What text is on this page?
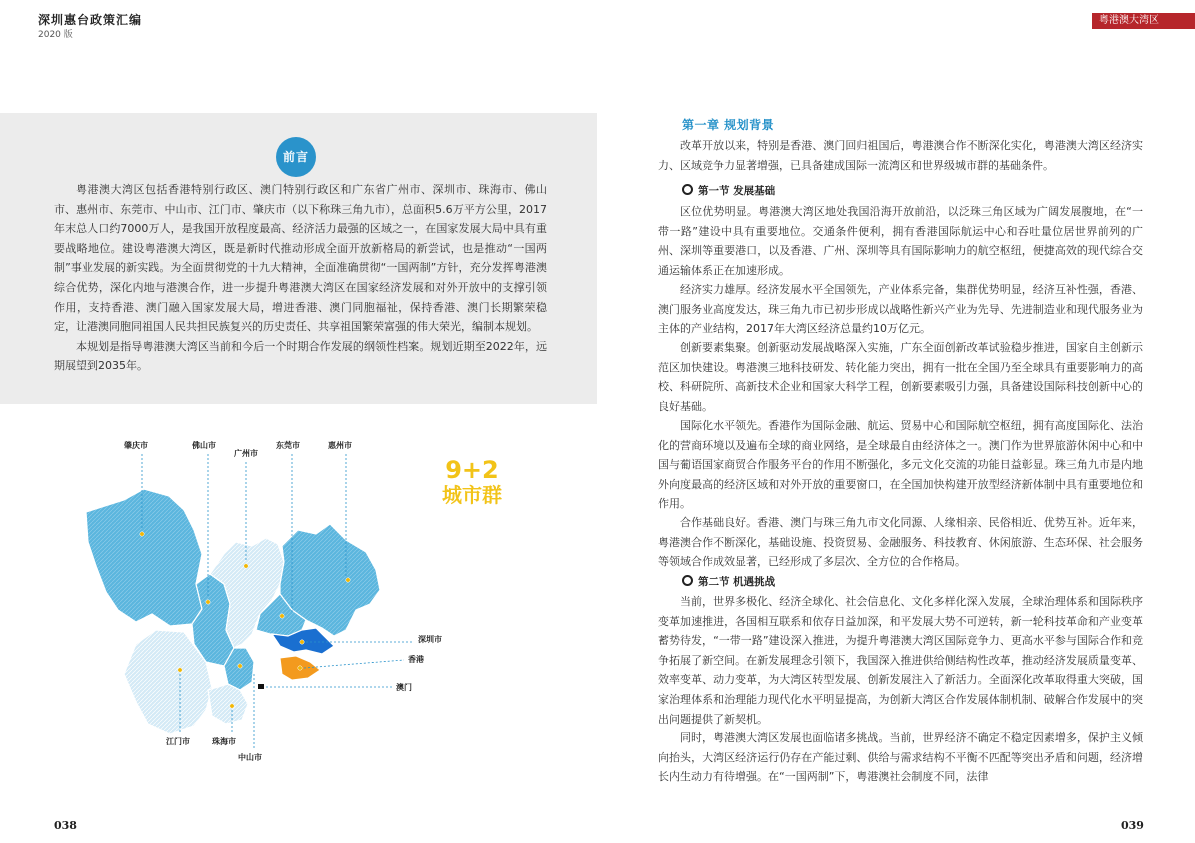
深圳惠台政策汇编
2020 版
粤港澳大湾区
前言

粤港澳大湾区包括香港特别行政区、澳门特别行政区和广东省广州市、深圳市、珠海市、佛山市、惠州市、东莞市、中山市、江门市、肇庆市（以下称珠三角九市），总面积5.6万平方公里，2017年末总人口约7000万人，是我国开放程度最高、经济活力最强的区域之一，在国家发展大局中具有重要战略地位。建设粤港澳大湾区，既是新时代推动形成全面开放新格局的新尝试，也是推动“一国两制”事业发展的新实践。为全面贯彻党的十九大精神，全面准确贯彻“一国两制”方针，充分发挥粤港澳综合优势，深化内地与港澳合作，进一步提升粤港澳大湾区在国家经济发展和对外开放中的支撑引领作用，支持香港、澳门融入国家发展大局，增进香港、澳门同胞福祉，保持香港、澳门长期繁荣稳定，让港澳同胞同祖国人民共担民族复兴的历史责任、共享祖国繁荣富强的伟大荣光，编制本规划。

本规划是指导粤港澳大湾区当前和今后一个时期合作发展的纲领性档案。规划近期至2022年，远期展望到2035年。

肇庆市	佛山市
广州市
东莞市	惠州市
深圳市
香港
澳门
江门市	珠海市
中山市
9+2
城市群
第一章 规划背景

改革开放以来，特别是香港、澳门回归祖国后，粤港澳合作不断深化实化，粤港澳大湾区经济实力、区域竞争力显著增强，已具备建成国际一流湾区和世界级城市群的基础条件。

第一节 发展基础

区位优势明显。粤港澳大湾区地处我国沿海开放前沿，以泛珠三角区域为广阔发展腹地，在“一带一路”建设中具有重要地位。交通条件便利，拥有香港国际航运中心和吞吐量位居世界前列的广州、深圳等重要港口，以及香港、广州、深圳等具有国际影响力的航空枢纽，便捷高效的现代综合交通运输体系正在加速形成。

经济实力雄厚。经济发展水平全国领先，产业体系完备，集群优势明显，经济互补性强，香港、澳门服务业高度发达，珠三角九市已初步形成以战略性新兴产业为先导、先进制造业和现代服务业为主体的产业结构，2017年大湾区经济总量约10万亿元。

创新要素集聚。创新驱动发展战略深入实施，广东全面创新改革试验稳步推进，国家自主创新示范区加快建设。粤港澳三地科技研发、转化能力突出，拥有一批在全国乃至全球具有重要影响力的高校、科研院所、高新技术企业和国家大科学工程，创新要素吸引力强，具备建设国际科技创新中心的良好基础。

国际化水平领先。香港作为国际金融、航运、贸易中心和国际航空枢纽，拥有高度国际化、法治化的营商环境以及遍布全球的商业网络，是全球最自由经济体之一。澳门作为世界旅游休闲中心和中国与葡语国家商贸合作服务平台的作用不断强化，多元文化交流的功能日益彰显。珠三角九市是内地外向度最高的经济区域和对外开放的重要窗口，在全国加快构建开放型经济新体制中具有重要地位和作用。

合作基础良好。香港、澳门与珠三角九市文化同源、人缘相亲、民俗相近、优势互补。近年来，粤港澳合作不断深化，基础设施、投资贸易、金融服务、科技教育、休闲旅游、生态环保、社会服务等领域合作成效显著，已经形成了多层次、全方位的合作格局。

第二节 机遇挑战

当前，世界多极化、经济全球化、社会信息化、文化多样化深入发展，全球治理体系和国际秩序变革加速推进，各国相互联系和依存日益加深，和平发展大势不可逆转，新一轮科技革命和产业变革蓄势待发，“一带一路”建设深入推进，为提升粤港澳大湾区国际竞争力、更高水平参与国际合作和竞争拓展了新空间。在新发展理念引领下，我国深入推进供给侧结构性改革，推动经济发展质量变革、效率变革、动力变革，为大湾区转型发展、创新发展注入了新活力。全面深化改革取得重大突破，国家治理体系和治理能力现代化水平明显提高，为创新大湾区合作发展体制机制、破解合作发展中的突出问题提供了新契机。

同时，粤港澳大湾区发展也面临诸多挑战。当前，世界经济不确定不稳定因素增多，保护主义倾向抬头，大湾区经济运行仍存在产能过剩、供给与需求结构不平衡不匹配等突出矛盾和问题，经济增长内生动力有待增强。在“一国两制”下，粤港澳社会制度不同，法律

038	039
